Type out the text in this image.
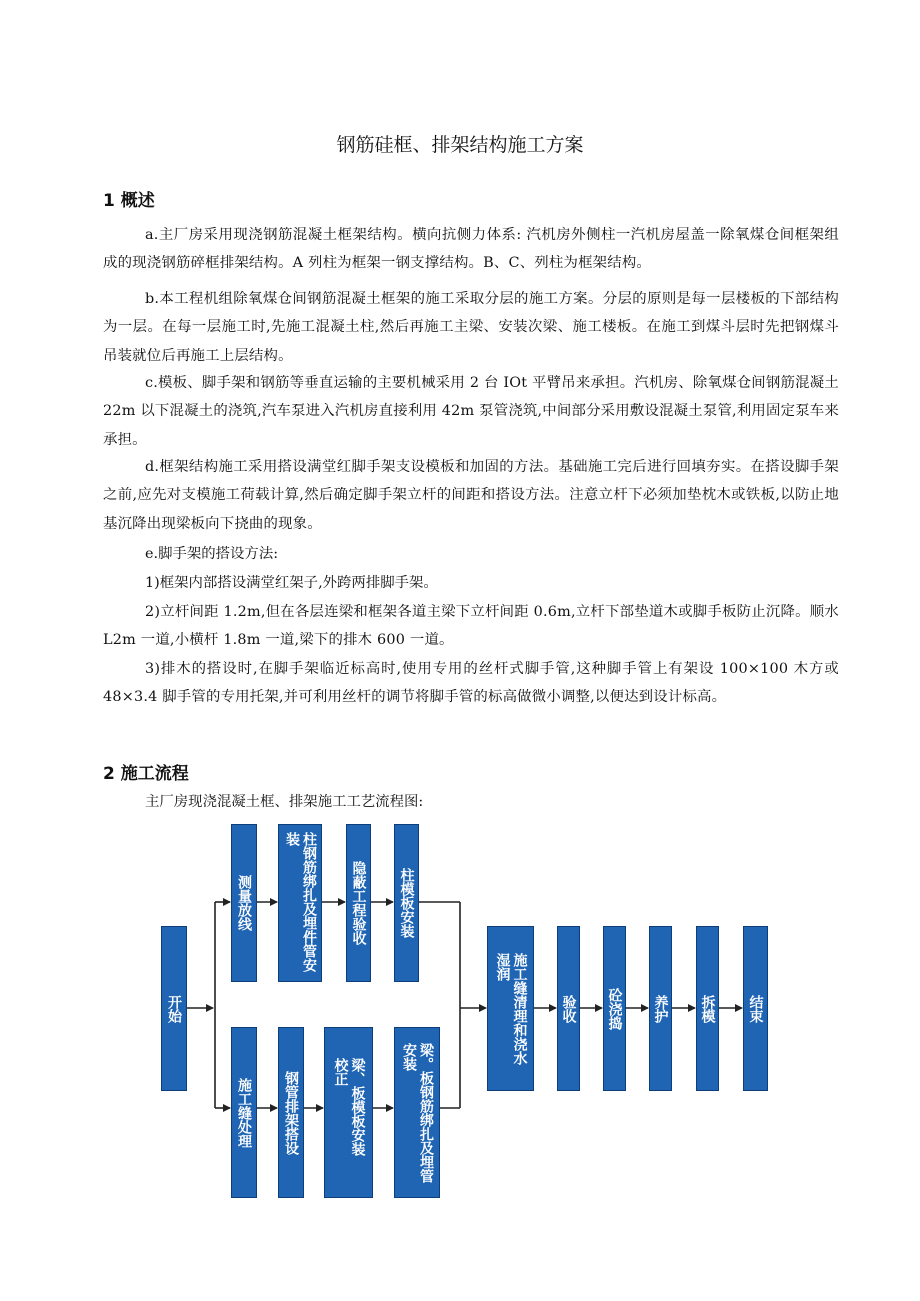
钢筋硅框、排架结构施工方案
1 概述
a.主厂房采用现浇钢筋混凝土框架结构。横向抗侧力体系: 汽机房外侧柱一汽机房屋盖一除氧煤仓间框架组成的现浇钢筋碎框排架结构。A 列柱为框架一钢支撑结构。B、C、列柱为框架结构。
b.本工程机组除氧煤仓间钢筋混凝土框架的施工采取分层的施工方案。分层的原则是每一层楼板的下部结构为一层。在每一层施工时,先施工混凝土柱,然后再施工主梁、安装次梁、施工楼板。在施工到煤斗层时先把钢煤斗吊装就位后再施工上层结构。
c.模板、脚手架和钢筋等垂直运输的主要机械采用 2 台 IOt 平臂吊来承担。汽机房、除氧煤仓间钢筋混凝土 22m 以下混凝土的浇筑,汽车泵进入汽机房直接利用 42m 泵管浇筑,中间部分采用敷设混凝土泵管,利用固定泵车来承担。
d.框架结构施工采用搭设满堂红脚手架支设模板和加固的方法。基础施工完后进行回填夯实。在搭设脚手架之前,应先对支模施工荷载计算,然后确定脚手架立杆的间距和搭设方法。注意立杆下必须加垫枕木或铁板,以防止地基沉降出现梁板向下挠曲的现象。
e.脚手架的搭设方法:
1)框架内部搭设满堂红架子,外跨两排脚手架。
2)立杆间距 1.2m,但在各层连梁和框架各道主梁下立杆间距 0.6m,立杆下部垫道木或脚手板防止沉降。顺水 L2m 一道,小横杆 1.8m 一道,梁下的排木 600 一道。
3)排木的搭设时,在脚手架临近标高时,使用专用的丝杆式脚手管,这种脚手管上有架设 100×100 木方或 48×3.4 脚手管的专用托架,并可利用丝杆的调节将脚手管的标高做微小调整,以便达到设计标高。
2 施工流程
主厂房现浇混凝土框、排架施工工艺流程图:
开始
测量放线	柱钢筋绑扎及埋件管安装
隐蔽工程验收 柱模板安装
施工缝处理 钢管排架搭设	梁、板模板安装校正	梁。板钢筋绑扎及埋管安装	施工缝清理和浇水湿润
验收 砼浇捣 养护 拆模 结束
